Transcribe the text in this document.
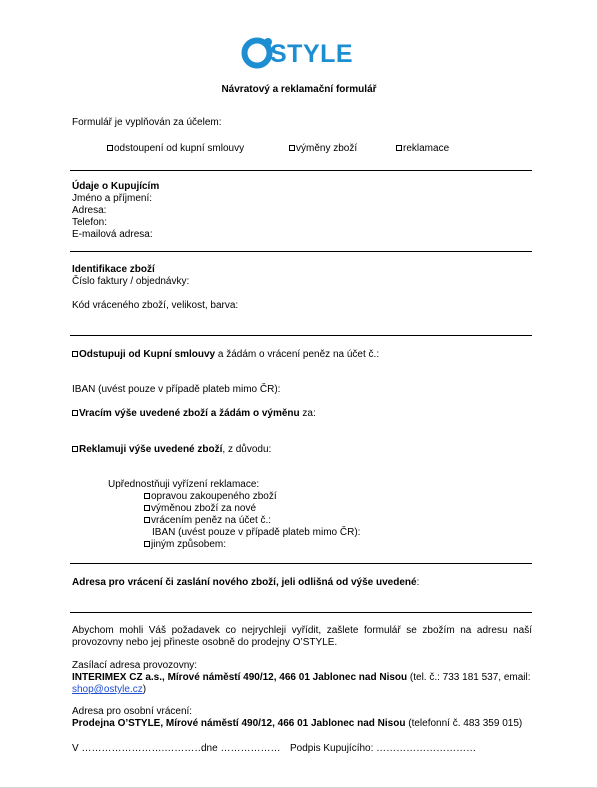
STYLE
Návratový a reklamační formulář
Formulář je vyplňován za účelem:
odstoupení od kupní smlouvy	výměny zboží	reklamace
Údaje o Kupujícím
Jméno a příjmení:
Adresa:
Telefon:
E-mailová adresa:
Identifikace zboží
Číslo faktury / objednávky:
Kód vráceného zboží, velikost, barva:
Odstupuji od Kupní smlouvy a žádám o vrácení peněz na účet č.:
IBAN (uvést pouze v případě plateb mimo ČR):
Vracím výše uvedené zboží a žádám o výměnu za:
Reklamuji výše uvedené zboží, z důvodu:
Upřednostňuji vyřízení reklamace:
opravou zakoupeného zboží
výměnou zboží za nové
vrácením peněz na účet č.:
IBAN (uvést pouze v případě plateb mimo ČR):
jiným způsobem:
Adresa pro vrácení či zaslání nového zboží, jeli odlišná od výše uvedené:
Abychom mohli Váš požadavek co nejrychleji vyřídit, zašlete formulář se zbožím na adresu naší provozovny nebo jej přineste osobně do prodejny O’STYLE.
Zasílací adresa provozovny:
INTERIMEX CZ a.s., Mírové náměstí 490/12, 466 01 Jablonec nad Nisou (tel. č.: 733 181 537, email:
shop@ostyle.cz)
Adresa pro osobní vrácení:
Prodejna O’STYLE, Mírové náměstí 490/12, 466 01 Jablonec nad Nisou (telefonní č. 483 359 015)
V …………………….…………
dne ……………… Podpis Kupujícího: …………………………
